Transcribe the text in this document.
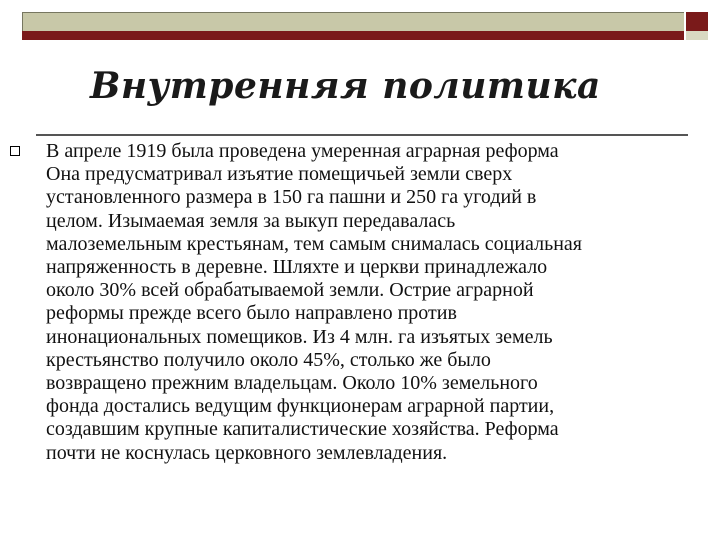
Внутренняя политика

В апреле 1919 была проведена умеренная аграрная реформа
Она предусматривал изъятие помещичьей земли сверх
установленного размера в 150 га пашни и 250 га угодий в
целом. Изымаемая земля за выкуп передавалась
малоземельным крестьянам, тем самым снималась социальная
напряженность в деревне. Шляхте и церкви принадлежало
около 30% всей обрабатываемой земли. Острие аграрной
реформы прежде всего было направлено против
инонациональных помещиков. Из 4 млн. га изъятых земель
крестьянство получило около 45%, столько же было
возвращено прежним владельцам. Около 10% земельного
фонда достались ведущим функционерам аграрной партии,
создавшим крупные капиталистические хозяйства. Реформа
почти не коснулась церковного землевладения.
